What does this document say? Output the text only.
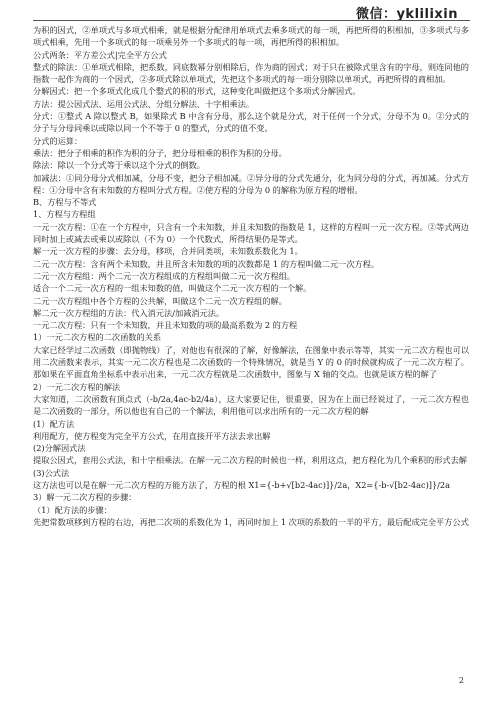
微信：yklilixin

为积的因式，②单项式与多项式相乘，就是根据分配律用单项式去乘多项式的每一项，再把所得的积相加，③多项式与多项式相乘，先用一个多项式的每一项乘另外一个多项式的每一项，再把所得的积相加。

公式两条：平方差公式|完全平方公式

整式的除法：①单项式相除，把系数，同底数幂分别相除后，作为商的因式；对于只在被除式里含有的字母，则连同他的指数一起作为商的一个因式，②多项式除以单项式，先把这个多项式的每一项分别除以单项式，再把所得的商相加。

分解因式：把一个多项式化成几个整式的积的形式，这种变化叫做把这个多项式分解因式。

方法：提公因式法、运用公式法、分组分解法、十字相乘法。

分式：①整式 A 除以整式 B，如果除式 B 中含有分母，那么这个就是分式，对于任何一个分式，分母不为 0。②分式的分子与分母同乘以或除以同一个不等于 0 的整式，分式的值不变。

分式的运算：

乘法：把分子相乘的积作为积的分子，把分母相乘的积作为积的分母。

除法：除以一个分式等于乘以这个分式的倒数。

加减法：①同分母分式相加减，分母不变，把分子相加减。②异分母的分式先通分，化为同分母的分式，再加减。分式方程：①分母中含有未知数的方程叫分式方程。②使方程的分母为 0 的解称为原方程的增根。

B、方程与不等式

1、方程与方程组

一元一次方程：①在一个方程中，只含有一个未知数，并且未知数的指数是 1，这样的方程叫一元一次方程。②等式两边同时加上或减去或乘以或除以（不为 0）一个代数式，所得结果仍是等式。

解一元一次方程的步骤：去分母，移项，合并同类项，未知数系数化为 1。

二元一次方程：含有两个未知数，并且所含未知数的项的次数都是 1 的方程叫做二元一次方程。

二元一次方程组：两个二元一次方程组成的方程组叫做二元一次方程组。

适合一个二元一次方程的一组未知数的值，叫做这个二元一次方程的一个解。

二元一次方程组中各个方程的公共解，叫做这个二元一次方程组的解。

解二元一次方程组的方法：代入消元法/加减消元法。

一元二次方程：只有一个未知数，并且未知数的项的最高系数为 2 的方程

1）一元二次方程的二次函数的关系

大家已经学过二次函数（即抛物线）了，对他也有很深的了解，好像解法，在图象中表示等等，其实一元二次方程也可以用二次函数来表示，其实一元二次方程也是二次函数的一个特殊情况，就是当 Y 的 0 的时候就构成了一元二次方程了。那如果在平面直角坐标系中表示出来，一元二次方程就是二次函数中，图象与 X 轴的交点。也就是该方程的解了

2）一元二次方程的解法

大家知道，二次函数有顶点式（-b/2a,4ac-b2/4a），这大家要记住，很重要，因为在上面已经说过了，一元二次方程也是二次函数的一部分，所以他也有自己的一个解法，利用他可以求出所有的一元二次方程的解

(1）配方法

利用配方，使方程变为完全平方公式，在用直接开平方法去求出解

(2)分解因式法

提取公因式，套用公式法，和十字相乘法。在解一元二次方程的时候也一样，利用这点，把方程化为几个乘积的形式去解

(3)公式法

这方法也可以是在解一元二次方程的万能方法了，方程的根 X1={-b+√[b2-4ac)]}/2a，X2={-b-√[b2-4ac)]}/2a

3）解一元二次方程的步骤：

（1）配方法的步骤：

先把常数项移到方程的右边，再把二次项的系数化为 1，再同时加上 1 次项的系数的一半的平方，最后配成完全平方公式

2
